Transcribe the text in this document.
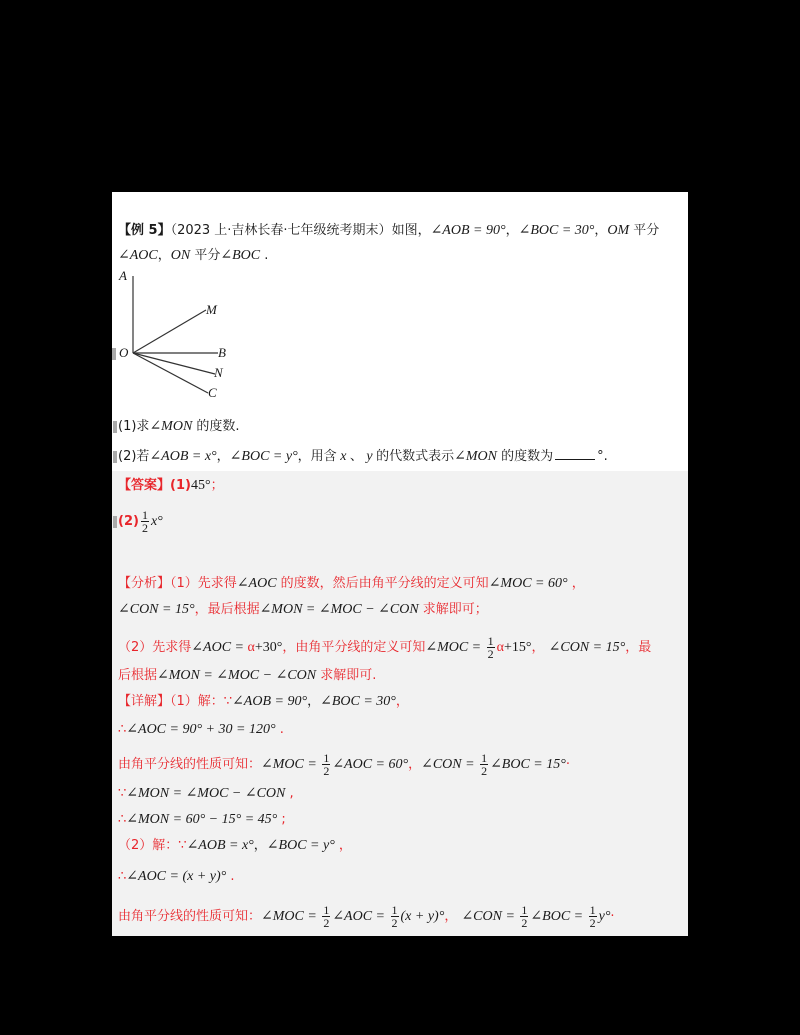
【例 5】（2023 上·吉林长春·七年级统考期末）如图，∠AOB = 90°，∠BOC = 30°，OM 平分
∠AOC，ON 平分∠BOC .
A
M
O	B
N
C
(1)求∠MON 的度数.
(2)若∠AOB = x°，∠BOC = y°，用含 x 、 y 的代数式表示∠MON 的度数为	°.
【答案】(1)45°；
$(2) \frac{1}{2} x^\circ$
【分析】（1）先求得∠AOC 的度数，然后由角平分线的定义可知∠MOC = 60° ，
∠CON = 15°，最后根据∠MON = ∠MOC − ∠CON 求解即可；
（2）先求得∠AOC = α+30°，由角平分线的定义可知∠MOC = $\frac{1}{2} \alpha+15^\circ$， ∠CON = 15°，最
后根据∠MON = ∠MOC − ∠CON 求解即可.
【详解】（1）解：∵∠AOB = 90°，∠BOC = 30°，
∴∠AOC = 90° + 30 = 120° .
由角平分线的性质可知：∠MOC = $\frac{1}{2}$ ∠AOC = 60°，∠CON = $\frac{1}{2}$ ∠BOC = 15°·
∵∠MON = ∠MOC − ∠CON ,
∴∠MON = 60° − 15° = 45° ;
（2）解：∵∠AOB = x°，∠BOC = y° ，
∴∠AOC = (x + y)° .
由角平分线的性质可知：∠MOC = $\frac{1}{2}$ ∠AOC = $\frac{1}{2} (x + y)^\circ$， ∠CON = $\frac{1}{2}$ ∠BOC = $\frac{1}{2} y^\circ\cdot$
